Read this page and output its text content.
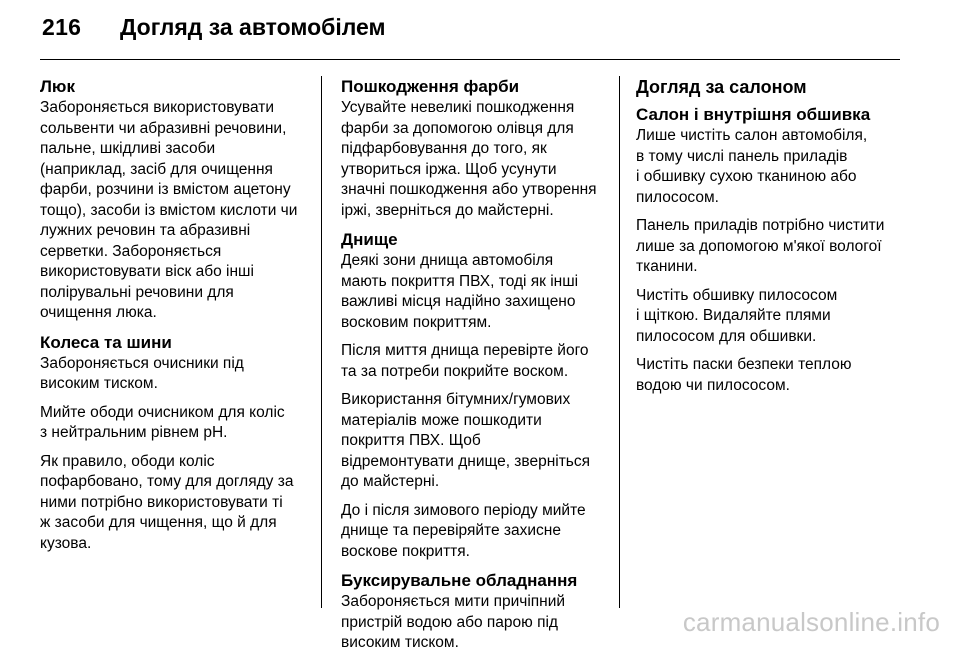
216 Догляд за автомобілем
Люк

Забороняється використовувати
сольвенти чи абразивні речовини,
пальне, шкідливі засоби
(наприклад, засіб для очищення
фарби, розчини із вмістом ацетону
тощо), засоби із вмістом кислоти чи
лужних речовин та абразивні
серветки. Забороняється
використовувати віск або інші
полірувальні речовини для
очищення люка.

Колеса та шини

Забороняється очисники під
високим тиском.

Мийте ободи очисником для коліс
з нейтральним рівнем pH.

Як правило, ободи коліс
пофарбовано, тому для догляду за
ними потрібно використовувати ті
ж засоби для чищення, що й для
кузова.

Пошкодження фарби

Усувайте невеликі пошкодження
фарби за допомогою олівця для
підфарбовування до того, як
утвориться іржа. Щоб усунути
значні пошкодження або утворення
іржі, зверніться до майстерні.

Днище

Деякі зони днища автомобіля
мають покриття ПВХ, тоді як інші
важливі місця надійно захищено
восковим покриттям.

Після миття днища перевірте його
та за потреби покрийте воском.

Використання бітумних/гумових
матеріалів може пошкодити
покриття ПВХ. Щоб
відремонтувати днище, зверніться
до майстерні.

До і після зимового періоду мийте
днище та перевіряйте захисне
воскове покриття.

Буксирувальне обладнання

Забороняється мити причіпний
пристрій водою або парою під
високим тиском.

Догляд за салоном
Салон і внутрішня обшивка

Лише чистіть салон автомобіля,
в тому числі панель приладів
і обшивку сухою тканиною або
пилососом.

Панель приладів потрібно чистити
лише за допомогою м'якої вологої
тканини.

Чистіть обшивку пилососом
і щіткою. Видаляйте плями
пилососом для обшивки.

Чистіть паски безпеки теплою
водою чи пилососом.

carmanualsonline.info
